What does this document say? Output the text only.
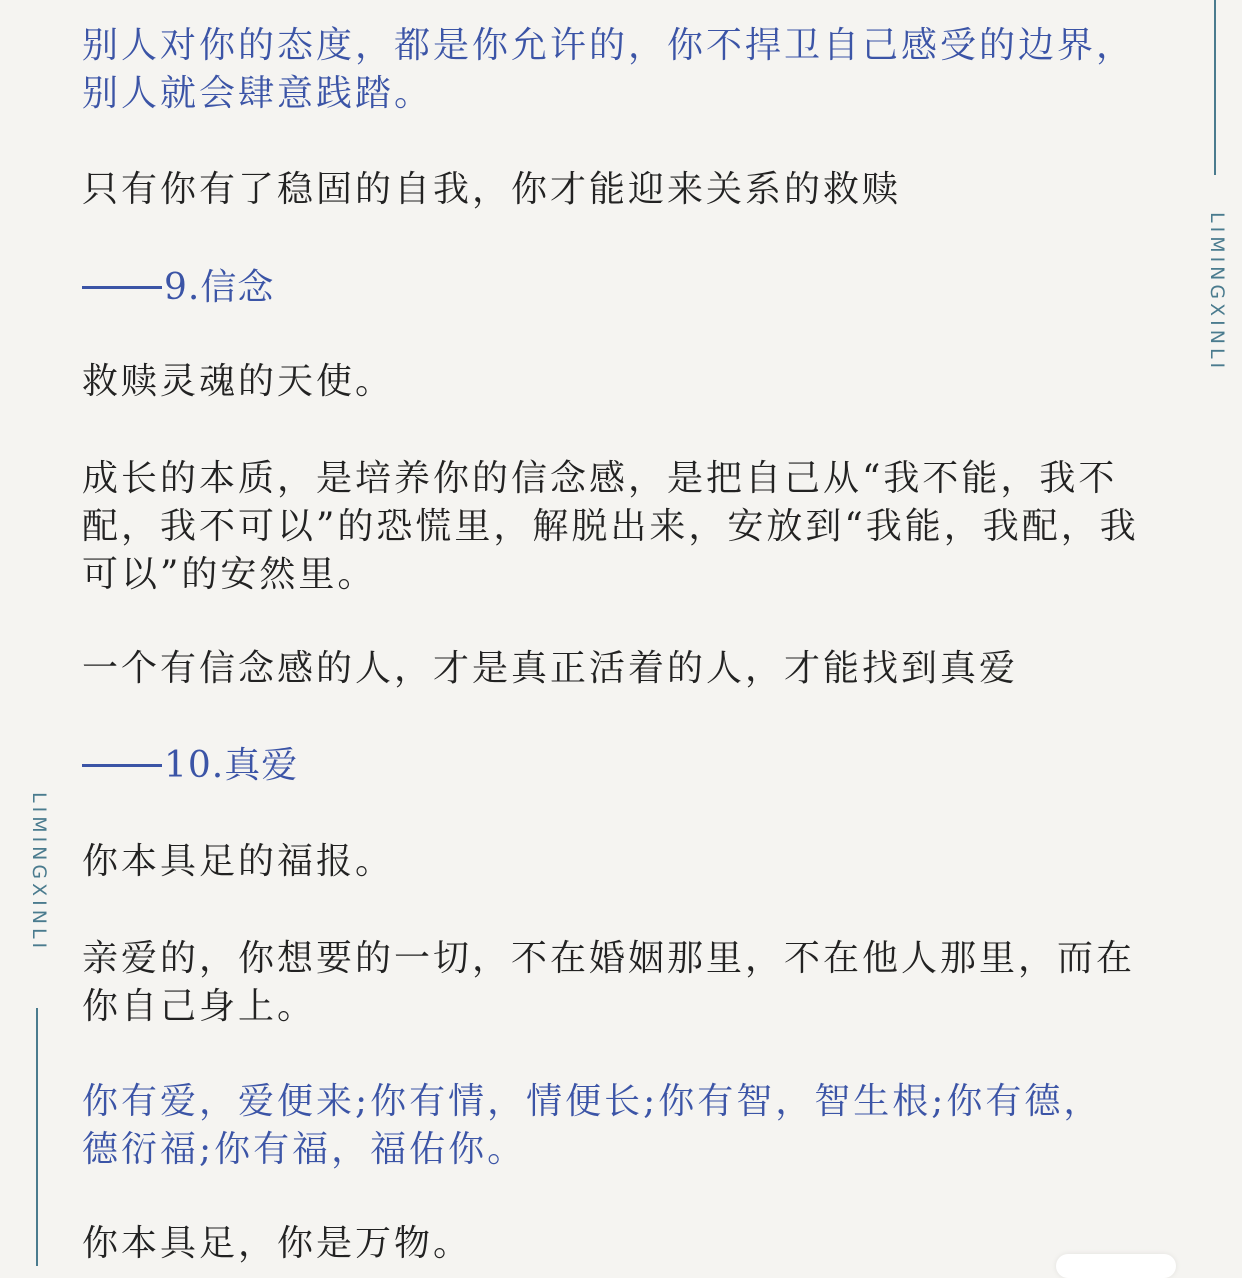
别人对你的态度，都是你允许的，你不捍卫自己感受的边界，别人就会肆意践踏。

只有你有了稳固的自我，你才能迎来关系的救赎

9.信念

救赎灵魂的天使。

成长的本质，是培养你的信念感，是把自己从“我不能，我不配，我不可以”的恐慌里，解脱出来，安放到“我能，我配，我可以”的安然里。

一个有信念感的人，才是真正活着的人，才能找到真爱

10.真爱

你本具足的福报。

亲爱的，你想要的一切，不在婚姻那里，不在他人那里，而在你自己身上。

你有爱，爱便来;你有情，情便长;你有智，智生根;你有德，德衍福;你有福，福佑你。

你本具足，你是万物。

LIMINGXINLI
LIMINGXINLI
